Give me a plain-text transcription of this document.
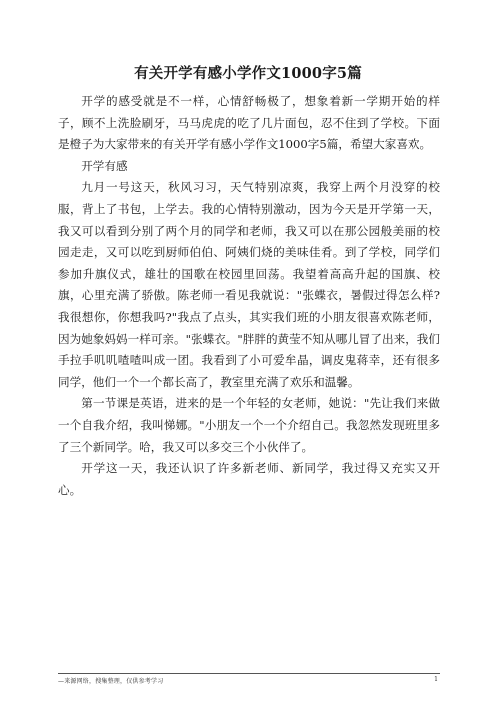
有关开学有感小学作文1000字5篇

开学的感受就是不一样，心情舒畅极了，想象着新一学期开始的样子，顾不上洗脸刷牙，马马虎虎的吃了几片面包，忍不住到了学校。下面是橙子为大家带来的有关开学有感小学作文1000字5篇，希望大家喜欢。

开学有感

九月一号这天，秋风习习，天气特别凉爽，我穿上两个月没穿的校服，背上了书包，上学去。我的心情特别激动，因为今天是开学第一天，我又可以看到分别了两个月的同学和老师，我又可以在那公园般美丽的校园走走，又可以吃到厨师伯伯、阿姨们烧的美味佳肴。到了学校，同学们参加升旗仪式，雄壮的国歌在校园里回荡。我望着高高升起的国旗、校旗，心里充满了骄傲。陈老师一看见我就说："张蝶衣，暑假过得怎么样?我很想你，你想我吗?"我点了点头，其实我们班的小朋友很喜欢陈老师，因为她象妈妈一样可亲。"张蝶衣。"胖胖的黄莹不知从哪儿冒了出来，我们手拉手叽叽喳喳叫成一团。我看到了小可爱牟晶，调皮鬼蒋幸，还有很多同学，他们一个一个都长高了，教室里充满了欢乐和温馨。

第一节课是英语，进来的是一个年轻的女老师，她说："先让我们来做一个自我介绍，我叫悌娜。"小朋友一个一个介绍自己。我忽然发现班里多了三个新同学。哈，我又可以多交三个小伙伴了。

开学这一天，我还认识了许多新老师、新同学，我过得又充实又开心。

—来源网络，搜集整理，仅供参考学习	1
